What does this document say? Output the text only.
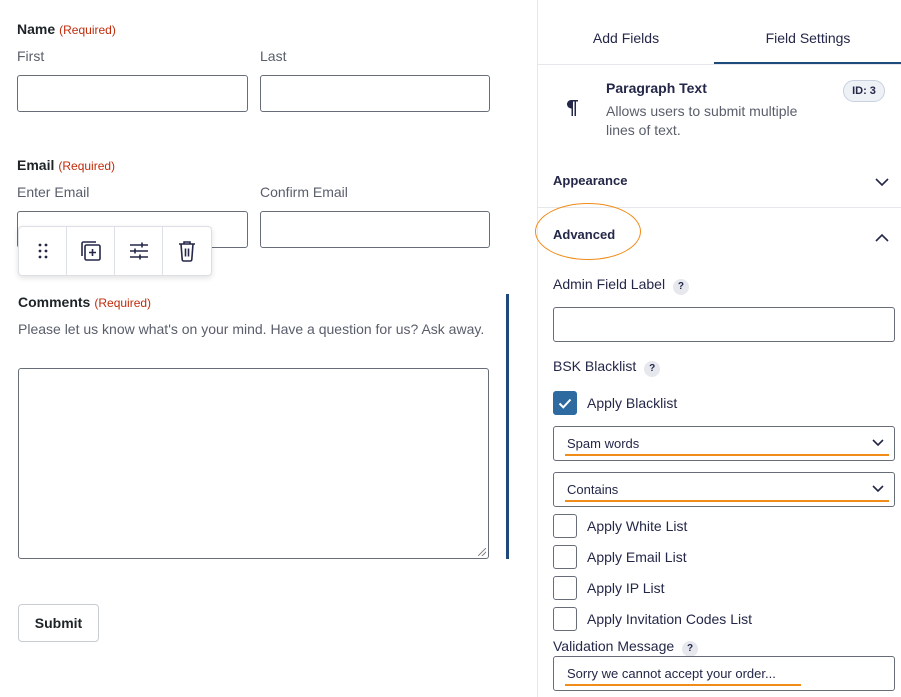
Name (Required)
First	Last
Email (Required)
Enter Email	Confirm Email
Comments (Required)
Please let us know what's on your mind. Have a question for us? Ask away.
Submit
Add Fields	Field Settings
Paragraph Text
Allows users to submit multiple lines of text.
ID: 3
Appearance
Advanced
Admin Field Label ?
BSK Blacklist ?
Apply Blacklist
Spam words
Contains
Apply White List
Apply Email List
Apply IP List
Apply Invitation Codes List
Validation Message ?
Sorry we cannot accept your order...
